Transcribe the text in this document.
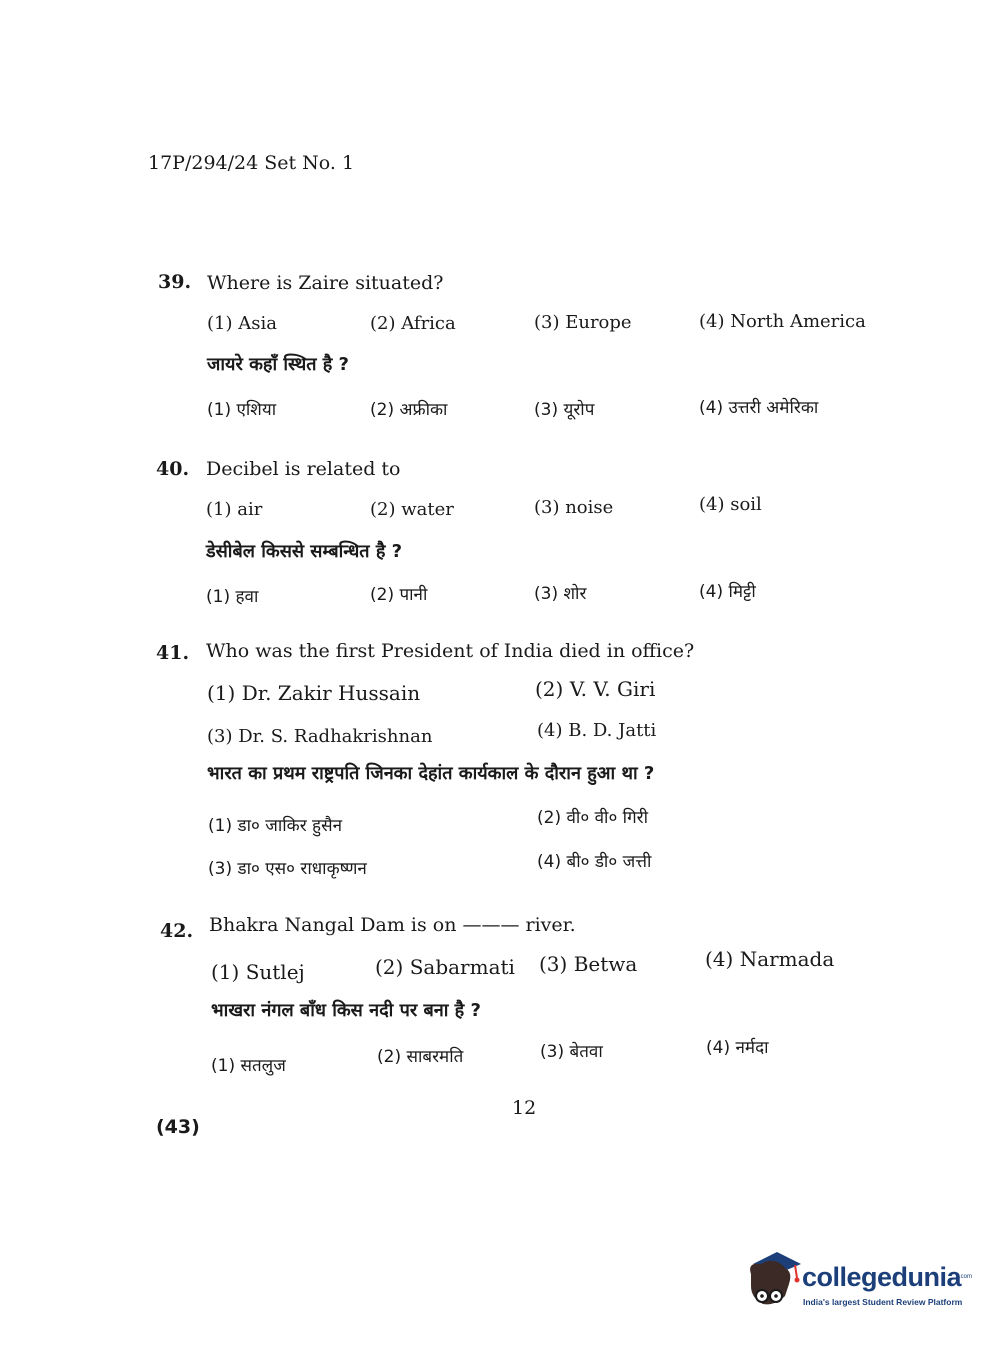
17P/294/24 Set No. 1
39. Where is Zaire situated?
(1) Asia	(2) Africa	(3) Europe	(4) North America
जायरे कहाँ स्थित है ?
(1) एशिया	(2) अफ्रीका	(3) यूरोप	(4) उत्तरी अमेरिका
40. Decibel is related to
(1) air	(2) water	(3) noise	(4) soil
डेसीबेल किससे सम्बन्धित है ?
(1) हवा	(2) पानी	(3) शोर	(4) मिट्टी
41. Who was the first President of India died in office?
(1) Dr. Zakir Hussain	(2) V. V. Giri
(3) Dr. S. Radhakrishnan	(4) B. D. Jatti
भारत का प्रथम राष्ट्रपति जिनका देहांत कार्यकाल के दौरान हुआ था ?
(1) डा० जाकिर हुसैन	(2) वी० वी० गिरी
(3) डा० एस० राधाकृष्णन	(4) बी० डी० जत्ती
42. Bhakra Nangal Dam is on ——— river.
(1) Sutlej	(2) Sabarmati (3) Betwa	(4) Narmada
भाखरा नंगल बाँध किस नदी पर बना है ?
(1) सतलुज	(2) साबरमति	(3) बेतवा	(4) नर्मदा
12
(43)
collegedunia
.com
India's largest Student Review Platform
